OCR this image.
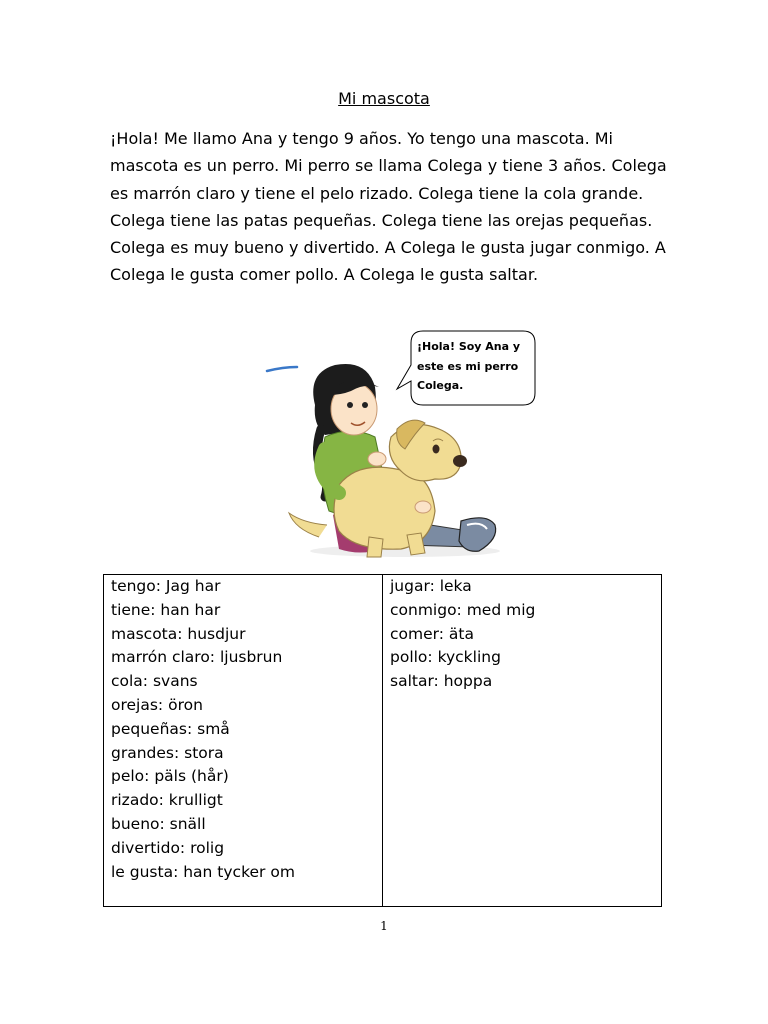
Mi mascota

¡Hola! Me llamo Ana y tengo 9 años. Yo tengo una mascota. Mi mascota es un perro. Mi perro se llama Colega y tiene 3 años. Colega es marrón claro y tiene el pelo rizado. Colega tiene la cola grande. Colega tiene las patas pequeñas. Colega tiene las orejas pequeñas. Colega es muy bueno y divertido. A Colega le gusta jugar conmigo. A Colega le gusta comer pollo. A Colega le gusta saltar.

¡Hola! Soy Ana y este es mi perro Colega.
tengo: Jag har
tiene: han har
mascota: husdjur
marrón claro: ljusbrun
cola: svans
orejas: öron
pequeñas: små
grandes: stora
pelo: päls (hår)
rizado: krulligt
bueno: snäll
divertido: rolig
le gusta: han tycker om

jugar: leka
conmigo: med mig
comer: äta
pollo: kyckling
saltar: hoppa
1
